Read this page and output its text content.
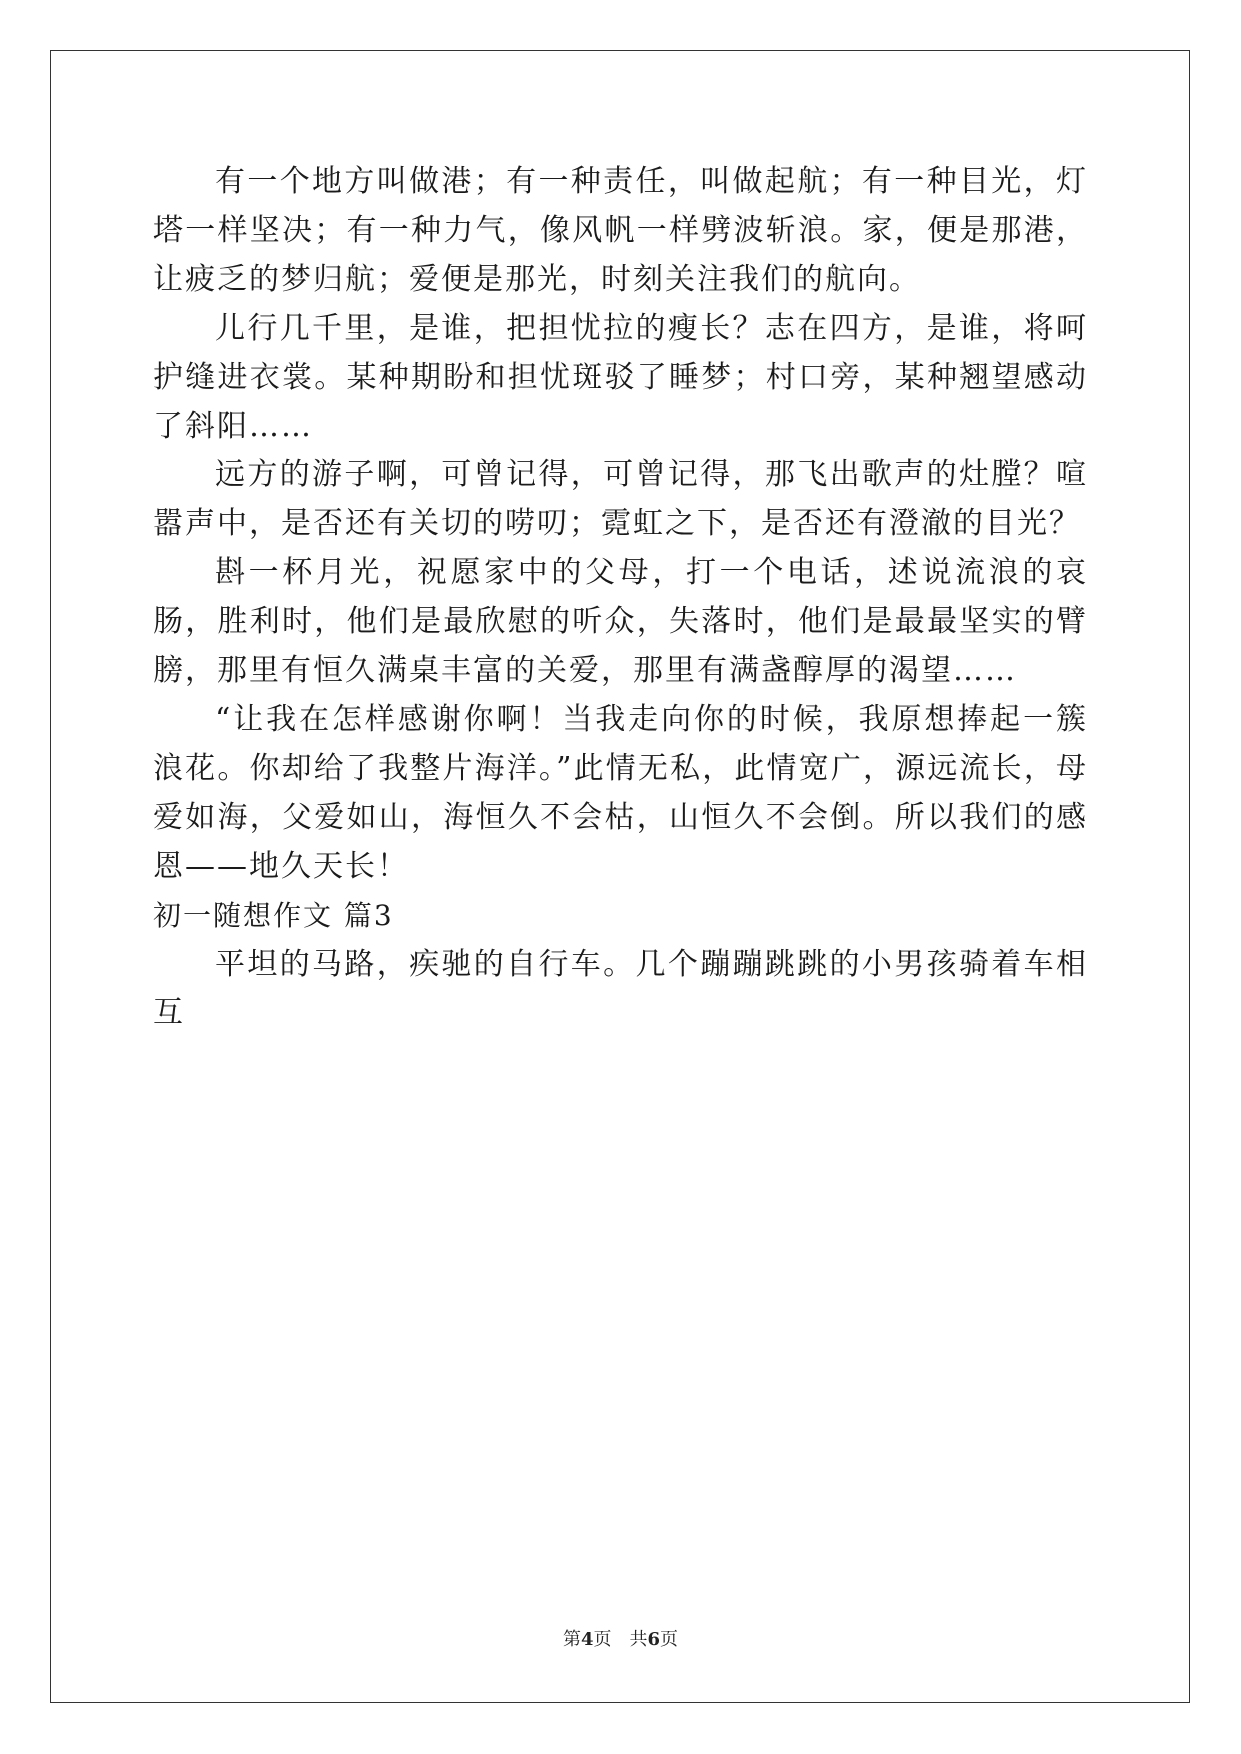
有一个地方叫做港；有一种责任，叫做起航；有一种目光，灯塔一样坚决；有一种力气，像风帆一样劈波斩浪。家，便是那港，让疲乏的梦归航；爱便是那光，时刻关注我们的航向。

儿行几千里，是谁，把担忧拉的瘦长？志在四方，是谁，将呵护缝进衣裳。某种期盼和担忧斑驳了睡梦；村口旁，某种翘望感动了斜阳……

远方的游子啊，可曾记得，可曾记得，那飞出歌声的灶膛？喧嚣声中，是否还有关切的唠叨；霓虹之下，是否还有澄澈的目光？

斟一杯月光，祝愿家中的父母，打一个电话，述说流浪的哀肠，胜利时，他们是最欣慰的听众，失落时，他们是最最坚实的臂膀，那里有恒久满桌丰富的关爱，那里有满盏醇厚的渴望……

“让我在怎样感谢你啊！当我走向你的时候，我原想捧起一簇浪花。你却给了我整片海洋。”此情无私，此情宽广，源远流长，母爱如海，父爱如山，海恒久不会枯，山恒久不会倒。所以我们的感恩——地久天长！

初一随想作文 篇3

平坦的马路，疾驰的自行车。几个蹦蹦跳跳的小男孩骑着车相互

第4页　共6页
